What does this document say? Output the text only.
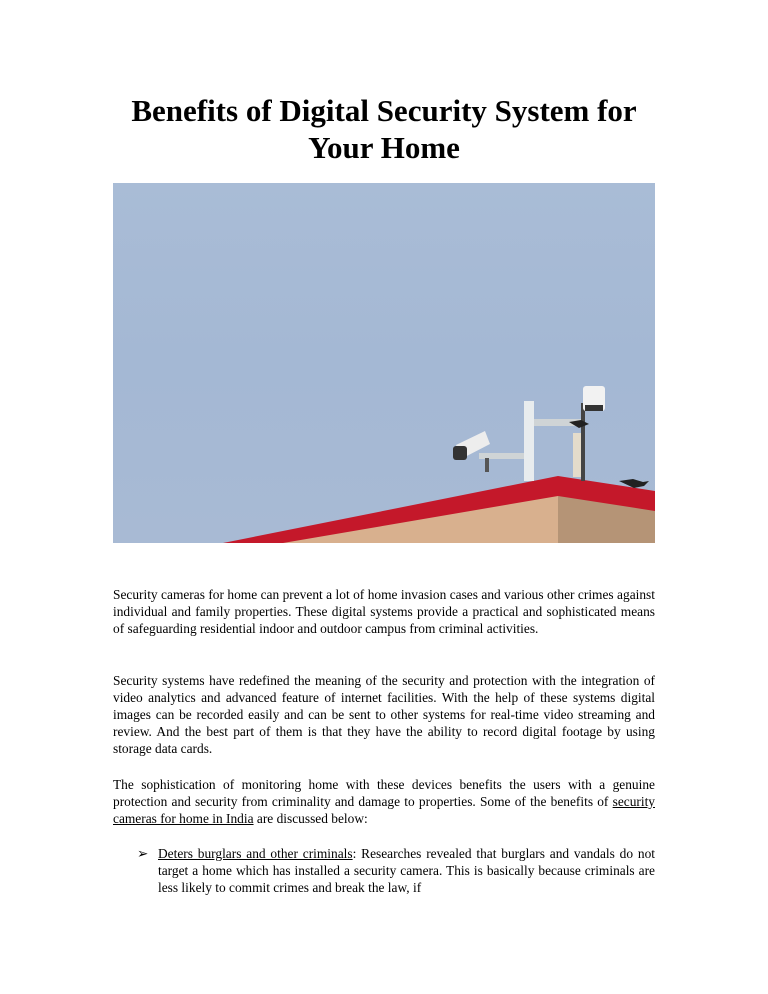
Benefits of Digital Security System for Your Home

Security cameras for home can prevent a lot of home invasion cases and various other crimes against individual and family properties. These digital systems provide a practical and sophisticated means of safeguarding residential indoor and outdoor campus from criminal activities.

Security systems have redefined the meaning of the security and protection with the integration of video analytics and advanced feature of internet facilities. With the help of these systems digital images can be recorded easily and can be sent to other systems for real-time video streaming and review. And the best part of them is that they have the ability to record digital footage by using storage data cards.

The sophistication of monitoring home with these devices benefits the users with a genuine protection and security from criminality and damage to properties. Some of the benefits of security cameras for home in India are discussed below:

➢ Deters burglars and other criminals: Researches revealed that burglars and vandals do not target a home which has installed a security camera. This is basically because criminals are less likely to commit crimes and break the law, if
